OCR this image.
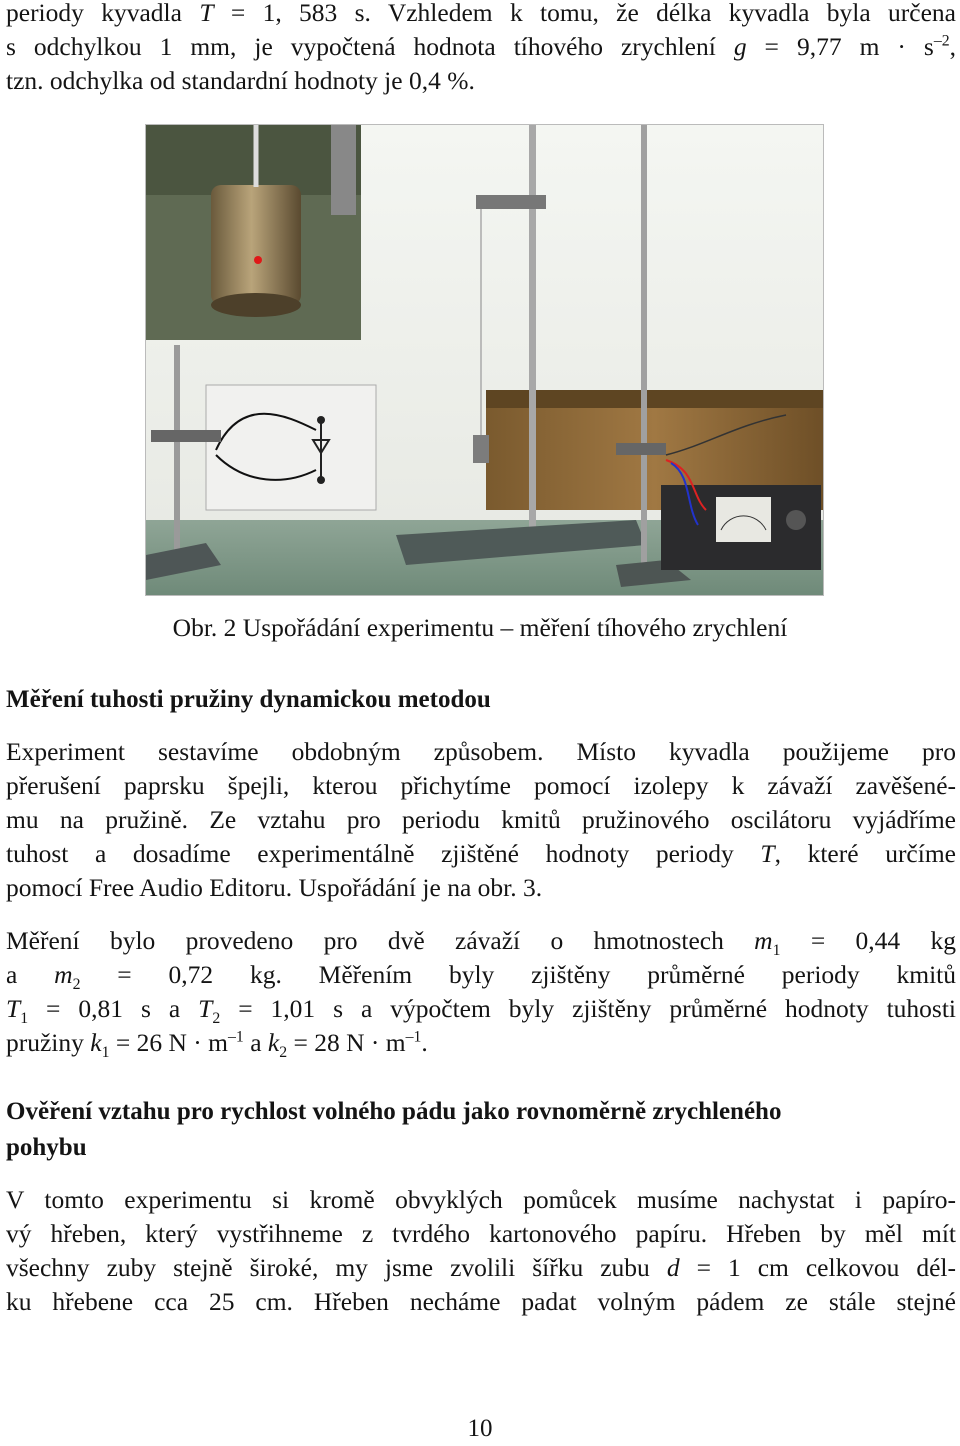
periody kyvadla T = 1, 583 s. Vzhledem k tomu, že délka kyvadla byla určena
s odchylkou 1 mm, je vypočtená hodnota tíhového zrychlení g = 9,77 $m \cdot s^{-2}$,
tzn. odchylka od standardní hodnoty je 0,4 %.
Obr. 2 Uspořádání experimentu – měření tíhového zrychlení
Měření tuhosti pružiny dynamickou metodou
Experiment sestavíme obdobným způsobem. Místo kyvadla použijeme pro
přerušení paprsku špejli, kterou přichytíme pomocí izolepy k závaží zavěšené-
mu na pružině. Ze vztahu pro periodu kmitů pružinového oscilátoru vyjádříme
tuhost a dosadíme experimentálně zjištěné hodnoty periody T, které určíme
pomocí Free Audio Editoru. Uspořádání je na obr. 3.
Měření bylo provedeno pro dvě závaží o hmotnostech $m_1 = 0,44$ kg
a $m_2 = 0,72$ kg. Měřením byly zjištěny průměrné periody kmitů
$T_1 = 0,81$ s a $T_2 = 1,01$ s a výpočtem byly zjištěny průměrné hodnoty tuhosti
pružiny $k_1 = 26$ $N \cdot m^{-1}$ a $k_2 = 28$ $N \cdot m^{-1}$.
Ověření vztahu pro rychlost volného pádu jako rovnoměrně zrychleného
pohybu
V tomto experimentu si kromě obvyklých pomůcek musíme nachystat i papíro-
vý hřeben, který vystřihneme z tvrdého kartonového papíru. Hřeben by měl mít
všechny zuby stejně široké, my jsme zvolili šířku zubu d = 1 cm celkovou dél-
ku hřebene cca 25 cm. Hřeben necháme padat volným pádem ze stále stejné
10
